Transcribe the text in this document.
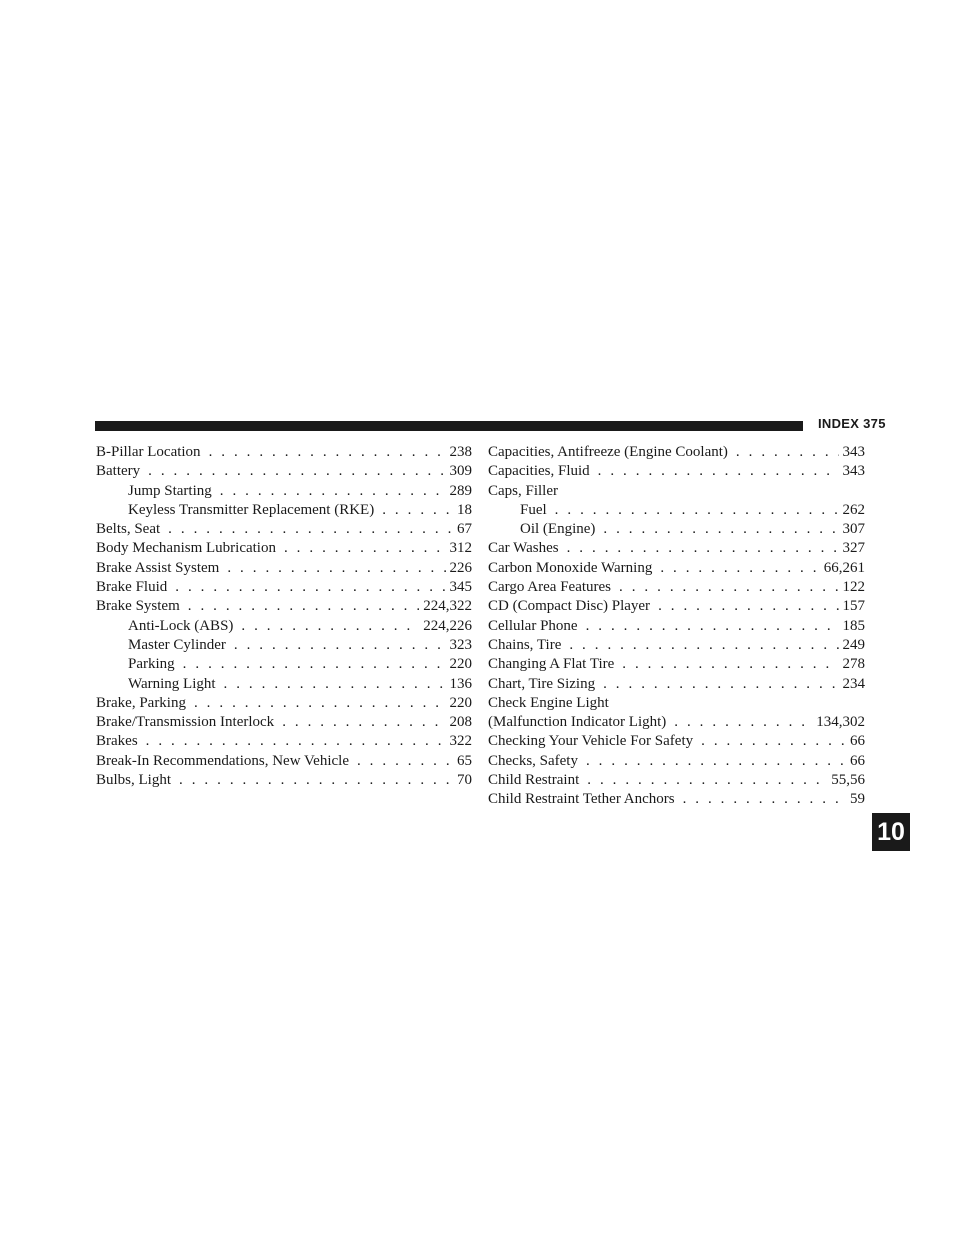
INDEX 375
B-Pillar Location . . .	238
Battery . . .	309
Jump Starting . . .	289
Keyless Transmitter Replacement (RKE) . . .	18
Belts, Seat . . .	67
Body Mechanism Lubrication . . .	312
Brake Assist System . . .	226
Brake Fluid . . .	345
Brake System . . .	224,322
Anti-Lock (ABS) . . .	224,226
Master Cylinder . . .	323
Parking . . .	220
Warning Light . . .	136
Brake, Parking . . .	220
Brake/Transmission Interlock . . .	208
Brakes . . .	322
Break-In Recommendations, New Vehicle . . .	65
Bulbs, Light . . .	70
Capacities, Antifreeze (Engine Coolant) . . .	343
Capacities, Fluid . . .	343
Caps, Filler
Fuel . . .	262
Oil (Engine) . . .	307
Car Washes . . .	327
Carbon Monoxide Warning . . .	66,261
Cargo Area Features . . .	122
CD (Compact Disc) Player . . .	157
Cellular Phone . . .	185
Chains, Tire . . .	249
Changing A Flat Tire . . .	278
Chart, Tire Sizing . . .	234
Check Engine Light
(Malfunction Indicator Light) . . .	134,302
Checking Your Vehicle For Safety . . .	66
Checks, Safety . . .	66
Child Restraint . . .	55,56
Child Restraint Tether Anchors . . .	59
10
